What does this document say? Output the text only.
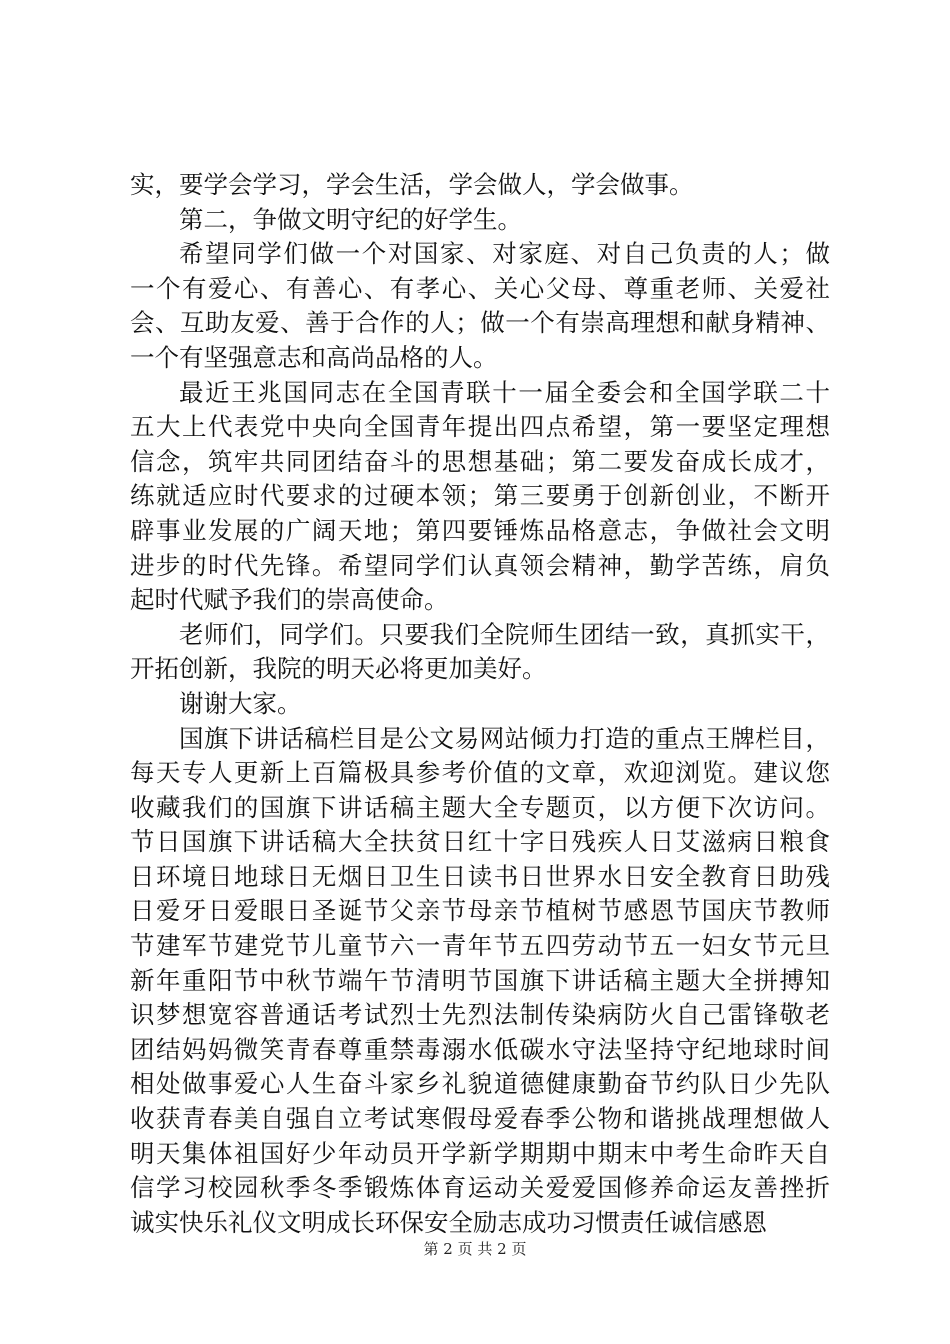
实，要学会学习，学会生活，学会做人，学会做事。
第二，争做文明守纪的好学生。
希望同学们做一个对国家、对家庭、对自己负责的人；做
一个有爱心、有善心、有孝心、关心父母、尊重老师、关爱社
会、互助友爱、善于合作的人；做一个有崇高理想和献身精神、
一个有坚强意志和高尚品格的人。
最近王兆国同志在全国青联十一届全委会和全国学联二十
五大上代表党中央向全国青年提出四点希望，第一要坚定理想
信念，筑牢共同团结奋斗的思想基础；第二要发奋成长成才，
练就适应时代要求的过硬本领；第三要勇于创新创业，不断开
辟事业发展的广阔天地；第四要锤炼品格意志，争做社会文明
进步的时代先锋。希望同学们认真领会精神，勤学苦练，肩负
起时代赋予我们的崇高使命。
老师们，同学们。只要我们全院师生团结一致，真抓实干，
开拓创新，我院的明天必将更加美好。
谢谢大家。
国旗下讲话稿栏目是公文易网站倾力打造的重点王牌栏目，
每天专人更新上百篇极具参考价值的文章，欢迎浏览。建议您
收藏我们的国旗下讲话稿主题大全专题页，以方便下次访问。
节日国旗下讲话稿大全扶贫日红十字日残疾人日艾滋病日粮食
日环境日地球日无烟日卫生日读书日世界水日安全教育日助残
日爱牙日爱眼日圣诞节父亲节母亲节植树节感恩节国庆节教师
节建军节建党节儿童节六一青年节五四劳动节五一妇女节元旦
新年重阳节中秋节端午节清明节国旗下讲话稿主题大全拼搏知
识梦想宽容普通话考试烈士先烈法制传染病防火自己雷锋敬老
团结妈妈微笑青春尊重禁毒溺水低碳水守法坚持守纪地球时间
相处做事爱心人生奋斗家乡礼貌道德健康勤奋节约队日少先队
收获青春美自强自立考试寒假母爱春季公物和谐挑战理想做人
明天集体祖国好少年动员开学新学期期中期末中考生命昨天自
信学习校园秋季冬季锻炼体育运动关爱爱国修养命运友善挫折
诚实快乐礼仪文明成长环保安全励志成功习惯责任诚信感恩
第 2 页 共 2 页
